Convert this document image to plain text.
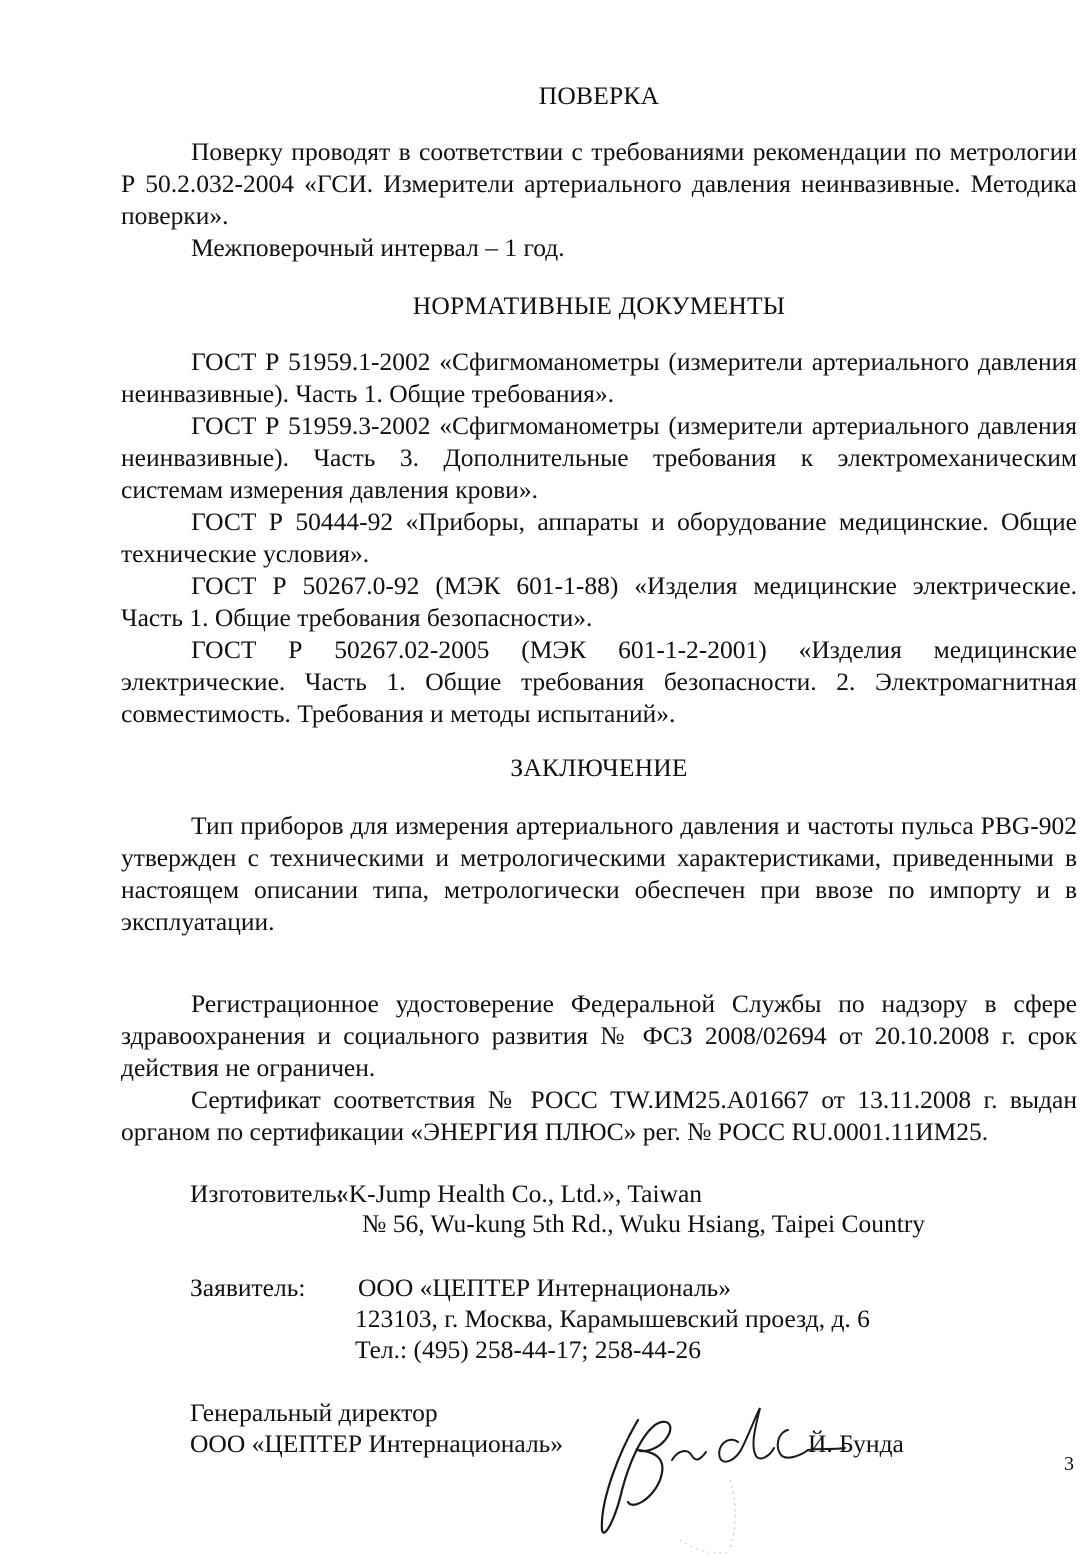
ПОВЕРКА

Поверку проводят в соответствии с требованиями рекомендации по метрологии Р 50.2.032-2004 «ГСИ. Измерители артериального давления неинвазивные. Методика поверки».

Межповерочный интервал – 1 год.

НОРМАТИВНЫЕ ДОКУМЕНТЫ

ГОСТ Р 51959.1-2002 «Сфигмоманометры (измерители артериального давления неинвазивные). Часть 1. Общие требования».

ГОСТ Р 51959.3-2002 «Сфигмоманометры (измерители артериального давления неинвазивные). Часть 3. Дополнительные требования к электромеханическим системам измерения давления крови».

ГОСТ Р 50444-92 «Приборы, аппараты и оборудование медицинские. Общие технические условия».

ГОСТ Р 50267.0-92 (МЭК 601-1-88) «Изделия медицинские электрические. Часть 1. Общие требования безопасности».

ГОСТ Р 50267.02-2005 (МЭК 601-1-2-2001) «Изделия медицинские электрические. Часть 1. Общие требования безопасности. 2. Электромагнитная совместимость. Требования и методы испытаний».

ЗАКЛЮЧЕНИЕ

Тип приборов для измерения артериального давления и частоты пульса PBG-902 утвержден с техническими и метрологическими характеристиками, приведенными в настоящем описании типа, метрологически обеспечен при ввозе по импорту и в эксплуатации.

Регистрационное удостоверение Федеральной Службы по надзору в сфере здравоохранения и социального развития № ФСЗ 2008/02694 от 20.10.2008 г. срок действия не ограничен.

Сертификат соответствия № РОСС TW.ИМ25.A01667 от 13.11.2008 г. выдан органом по сертификации «ЭНЕРГИЯ ПЛЮС» рег. № РОСС RU.0001.11ИМ25.

Изготовитель:
«K-Jump Health Co., Ltd.», Taiwan
№ 56, Wu-kung 5th Rd., Wuku Hsiang, Taipei Country
Заявитель: ООО «ЦЕПТЕР Интернациональ»
123103, г. Москва, Карамышевский проезд, д. 6
Тел.: (495) 258-44-17; 258-44-26
Генеральный директор
ООО «ЦЕПТЕР Интернациональ»	Й. Бунда
3
